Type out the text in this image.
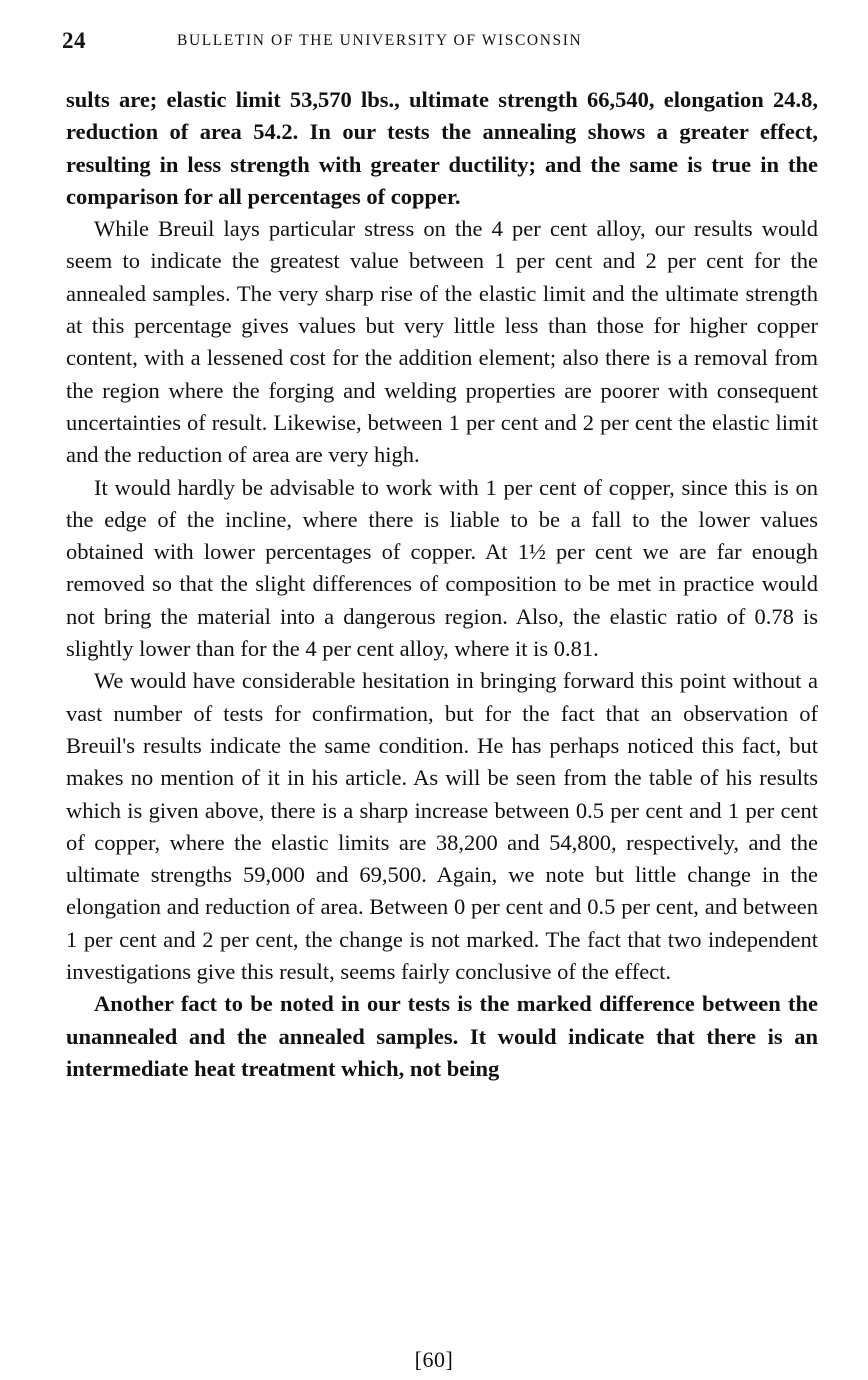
24	BULLETIN OF THE UNIVERSITY OF WISCONSIN

sults are; elastic limit 53,570 lbs., ultimate strength 66,540, elongation 24.8, reduction of area 54.2. In our tests the annealing shows a greater effect, resulting in less strength with greater ductility; and the same is true in the comparison for all percentages of copper.

While Breuil lays particular stress on the 4 per cent alloy, our results would seem to indicate the greatest value between 1 per cent and 2 per cent for the annealed samples. The very sharp rise of the elastic limit and the ultimate strength at this percentage gives values but very little less than those for higher copper content, with a lessened cost for the addition element; also there is a removal from the region where the forging and welding properties are poorer with consequent uncertainties of result. Likewise, between 1 per cent and 2 per cent the elastic limit and the reduction of area are very high.

It would hardly be advisable to work with 1 per cent of copper, since this is on the edge of the incline, where there is liable to be a fall to the lower values obtained with lower percentages of copper. At 1½ per cent we are far enough removed so that the slight differences of composition to be met in practice would not bring the material into a dangerous region. Also, the elastic ratio of 0.78 is slightly lower than for the 4 per cent alloy, where it is 0.81.

We would have considerable hesitation in bringing forward this point without a vast number of tests for confirmation, but for the fact that an observation of Breuil's results indicate the same condition. He has perhaps noticed this fact, but makes no mention of it in his article. As will be seen from the table of his results which is given above, there is a sharp increase between 0.5 per cent and 1 per cent of copper, where the elastic limits are 38,200 and 54,800, respectively, and the ultimate strengths 59,000 and 69,500. Again, we note but little change in the elongation and reduction of area. Between 0 per cent and 0.5 per cent, and between 1 per cent and 2 per cent, the change is not marked. The fact that two independent investigations give this result, seems fairly conclusive of the effect.

Another fact to be noted in our tests is the marked difference between the unannealed and the annealed samples. It would indicate that there is an intermediate heat treatment which, not being

[60]
